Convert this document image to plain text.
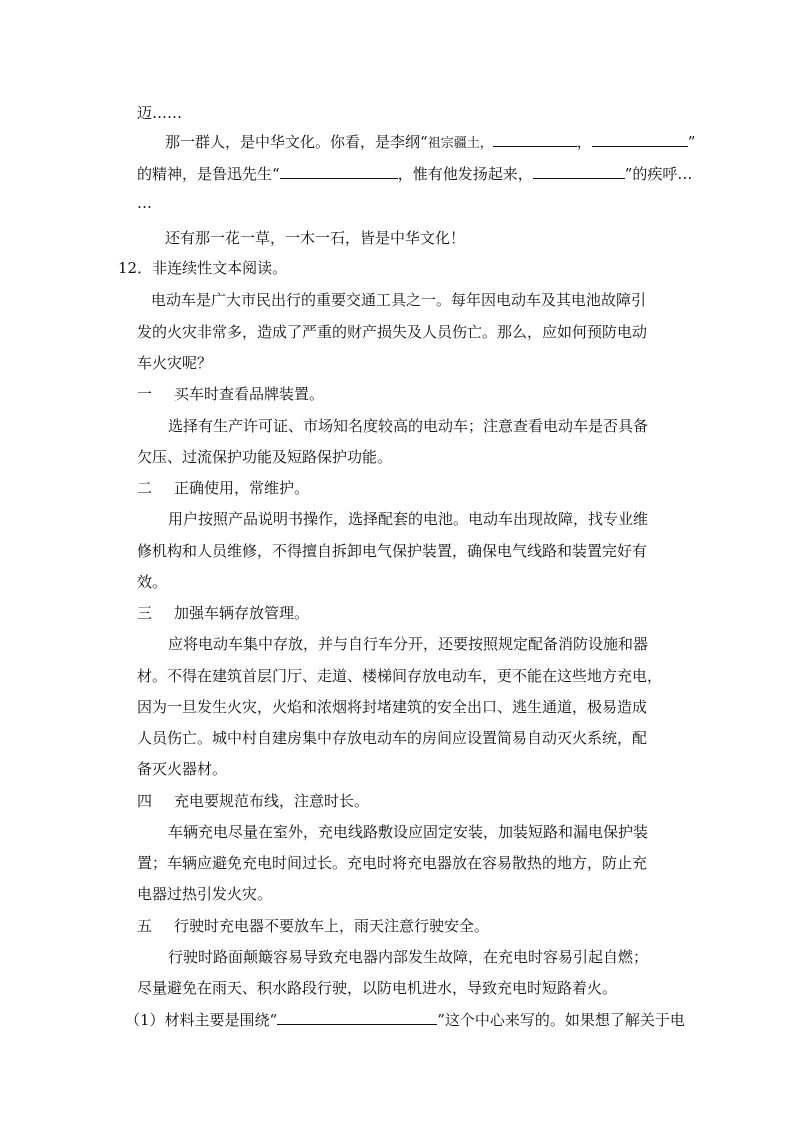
迈……
那一群人，是中华文化。你看，是李纲“祖宗疆土，	，	”
的精神，是鲁迅先生“	，惟有他发扬起来，	”的疾呼…
…
还有那一花一草，一木一石，皆是中华文化！
12．非连续性文本阅读。
电动车是广大市民出行的重要交通工具之一。每年因电动车及其电池故障引
发的火灾非常多，造成了严重的财产损失及人员伤亡。那么，应如何预防电动
车火灾呢？
一 买车时查看品牌装置。
选择有生产许可证、市场知名度较高的电动车；注意查看电动车是否具备
欠压、过流保护功能及短路保护功能。
二 正确使用，常维护。
用户按照产品说明书操作，选择配套的电池。电动车出现故障，找专业维
修机构和人员维修，不得擅自拆卸电气保护装置，确保电气线路和装置完好有
效。
三 加强车辆存放管理。
应将电动车集中存放，并与自行车分开，还要按照规定配备消防设施和器
材。不得在建筑首层门厅、走道、楼梯间存放电动车，更不能在这些地方充电，
因为一旦发生火灾，火焰和浓烟将封堵建筑的安全出口、逃生通道，极易造成
人员伤亡。城中村自建房集中存放电动车的房间应设置简易自动灭火系统，配
备灭火器材。
四 充电要规范布线，注意时长。
车辆充电尽量在室外，充电线路敷设应固定安装，加装短路和漏电保护装
置；车辆应避免充电时间过长。充电时将充电器放在容易散热的地方，防止充
电器过热引发火灾。
五 行驶时充电器不要放车上，雨天注意行驶安全。
行驶时路面颠簸容易导致充电器内部发生故障，在充电时容易引起自燃；
尽量避免在雨天、积水路段行驶，以防电机进水，导致充电时短路着火。
（1）材料主要是围绕“	”这个中心来写的。如果想了解关于电
